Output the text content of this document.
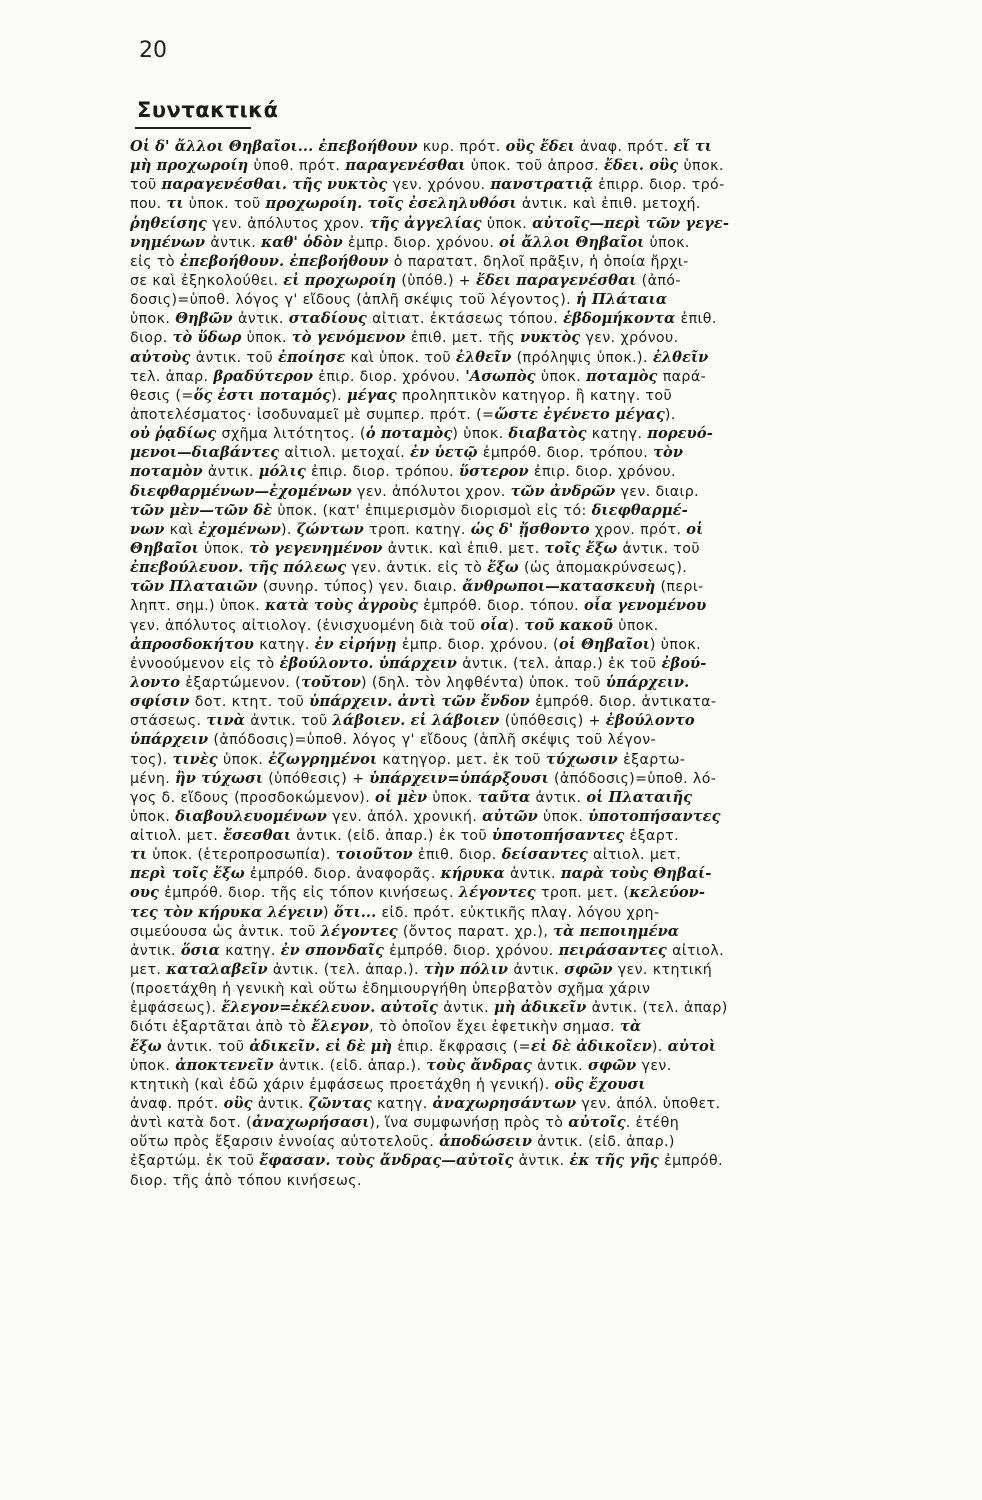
20
Συντακτικά
Οἱ δ' ἄλλοι Θηβαῖοι... ἐπεβοήθουν κυρ. πρότ. οὓς ἔδει ἀναφ. πρότ. εἴ τι
μὴ προχωροίη ὑποθ. πρότ. παραγενέσθαι ὑποκ. τοῦ ἀπροσ. ἔδει. οὓς ὑποκ.
τοῦ παραγενέσθαι. τῆς νυκτὸς γεν. χρόνου. πανστρατιᾷ ἐπιρρ. διορ. τρό-
που. τι ὑποκ. τοῦ προχωροίη. τοῖς ἐσεληλυθόσι ἀντικ. καὶ ἐπιθ. μετοχή.
ῥηθείσης γεν. ἀπόλυτος χρον. τῆς ἀγγελίας ὑποκ. αὐτοῖς—περὶ τῶν γεγε-
νημένων ἀντικ. καθ' ὁδὸν ἐμπρ. διορ. χρόνου. οἱ ἄλλοι Θηβαῖοι ὑποκ.
εἰς τὸ ἐπεβοήθουν. ἐπεβοήθουν ὁ παρατατ. δηλοῖ πρᾶξιν, ἡ ὁποία ἤρχι-
σε καὶ ἐξηκολούθει. εἰ προχωροίη (ὑπόθ.) + ἔδει παραγενέσθαι (ἀπό-
δοσις)=ὑποθ. λόγος γ' εἴδους (ἁπλῆ σκέψις τοῦ λέγοντος). ἡ Πλάταια
ὑποκ. Θηβῶν ἀντικ. σταδίους αἰτιατ. ἐκτάσεως τόπου. ἑβδομήκοντα ἐπιθ.
διορ. τὸ ὕδωρ ὑποκ. τὸ γενόμενον ἐπιθ. μετ. τῆς νυκτὸς γεν. χρόνου.
αὐτοὺς ἀντικ. τοῦ ἐποίησε καὶ ὑποκ. τοῦ ἐλθεῖν (πρόληψις ὑποκ.). ἐλθεῖν
τελ. ἀπαρ. βραδύτερον ἐπιρ. διορ. χρόνου. 'Ασωπὸς ὑποκ. ποταμὸς παρά-
θεσις (=ὅς ἐστι ποταμός). μέγας προληπτικὸν κατηγορ. ἢ κατηγ. τοῦ
ἀποτελέσματος· ἰσοδυναμεῖ μὲ συμπερ. πρότ. (=ὥστε ἐγένετο μέγας).
οὐ ῥᾳδίως σχῆμα λιτότητος. (ὁ ποταμὸς) ὑποκ. διαβατὸς κατηγ. πορευό-
μενοι—διαβάντες αἰτιολ. μετοχαί. ἐν ὑετῷ ἐμπρόθ. διορ. τρόπου. τὸν
ποταμὸν ἀντικ. μόλις ἐπιρ. διορ. τρόπου. ὕστερον ἐπιρ. διορ. χρόνου.
διεφθαρμένων—ἐχομένων γεν. ἀπόλυτοι χρον. τῶν ἀνδρῶν γεν. διαιρ.
τῶν μὲν—τῶν δὲ ὑποκ. (κατ' ἐπιμερισμὸν διορισμοὶ εἰς τό: διεφθαρμέ-
νων καὶ ἐχομένων). ζώντων τροπ. κατηγ. ὡς δ' ᾔσθοντο χρον. πρότ. οἱ
Θηβαῖοι ὑποκ. τὸ γεγενημένον ἀντικ. καὶ ἐπιθ. μετ. τοῖς ἔξω ἀντικ. τοῦ
ἐπεβούλευον. τῆς πόλεως γεν. ἀντικ. εἰς τὸ ἔξω (ὡς ἀπομακρύνσεως).
τῶν Πλαταιῶν (συνηρ. τύπος) γεν. διαιρ. ἄνθρωποι—κατασκευὴ (περι-
ληπτ. σημ.) ὑποκ. κατὰ τοὺς ἀγροὺς ἐμπρόθ. διορ. τόπου. οἷα γενομένου
γεν. ἀπόλυτος αἰτιολογ. (ἐνισχυομένη διὰ τοῦ οἷα). τοῦ κακοῦ ὑποκ.
ἀπροσδοκήτου κατηγ. ἐν εἰρήνῃ ἐμπρ. διορ. χρόνου. (οἱ Θηβαῖοι) ὑποκ.
ἐννοούμενον εἰς τὸ ἐβούλοντο. ὑπάρχειν ἀντικ. (τελ. ἀπαρ.) ἐκ τοῦ ἐβού-
λοντο ἐξαρτώμενον. (τοῦτον) (δηλ. τὸν ληφθέντα) ὑποκ. τοῦ ὑπάρχειν.
σφίσιν δοτ. κτητ. τοῦ ὑπάρχειν. ἀντὶ τῶν ἔνδον ἐμπρόθ. διορ. ἀντικατα-
στάσεως. τινὰ ἀντικ. τοῦ λάβοιεν. εἰ λάβοιεν (ὑπόθεσις) + ἐβούλοντο
ὑπάρχειν (ἀπόδοσις)=ὑποθ. λόγος γ' εἴδους (ἁπλῆ σκέψις τοῦ λέγον-
τος). τινὲς ὑποκ. ἐζωγρημένοι κατηγορ. μετ. ἐκ τοῦ τύχωσιν ἐξαρτω-
μένη. ἢν τύχωσι (ὑπόθεσις) + ὑπάρχειν=ὑπάρξουσι (ἀπόδοσις)=ὑποθ. λό-
γος δ. εἴδους (προσδοκώμενον). οἱ μὲν ὑποκ. ταῦτα ἀντικ. οἱ Πλαταιῆς
ὑποκ. διαβουλευομένων γεν. ἀπόλ. χρονική. αὐτῶν ὑποκ. ὑποτοπήσαντες
αἰτιολ. μετ. ἔσεσθαι ἀντικ. (εἰδ. ἀπαρ.) ἐκ τοῦ ὑποτοπήσαντες ἐξαρτ.
τι ὑποκ. (ἑτεροπροσωπία). τοιοῦτον ἐπιθ. διορ. δείσαντες αἰτιολ. μετ.
περὶ τοῖς ἔξω ἐμπρόθ. διορ. ἀναφορᾶς. κήρυκα ἀντικ. παρὰ τοὺς Θηβαί-
ους ἐμπρόθ. διορ. τῆς εἰς τόπον κινήσεως. λέγοντες τροπ. μετ. (κελεύον-
τες τὸν κήρυκα λέγειν) ὅτι... εἰδ. πρότ. εὐκτικῆς πλαγ. λόγου χρη-
σιμεύουσα ὡς ἀντικ. τοῦ λέγοντες (ὄντος παρατ. χρ.), τὰ πεποιημένα
ἀντικ. ὅσια κατηγ. ἐν σπονδαῖς ἐμπρόθ. διορ. χρόνου. πειράσαντες αἰτιολ.
μετ. καταλαβεῖν ἀντικ. (τελ. ἀπαρ.). τὴν πόλιν ἀντικ. σφῶν γεν. κτητική
(προετάχθη ἡ γενικὴ καὶ οὕτω ἐδημιουργήθη ὑπερβατὸν σχῆμα χάριν
ἐμφάσεως). ἔλεγον=ἐκέλευον. αὐτοῖς ἀντικ. μὴ ἀδικεῖν ἀντικ. (τελ. ἀπαρ)
διότι ἐξαρτᾶται ἀπὸ τὸ ἔλεγον, τὸ ὁποῖον ἔχει ἐφετικὴν σημασ. τὰ
ἔξω ἀντικ. τοῦ ἀδικεῖν. εἰ δὲ μὴ ἐπιρ. ἔκφρασις (=εἰ δὲ ἀδικοῖεν). αὐτοὶ
ὑποκ. ἀποκτενεῖν ἀντικ. (εἰδ. ἀπαρ.). τοὺς ἄνδρας ἀντικ. σφῶν γεν.
κτητικὴ (καὶ ἐδῶ χάριν ἐμφάσεως προετάχθη ἡ γενική). οὓς ἔχουσι
ἀναφ. πρότ. οὓς ἀντικ. ζῶντας κατηγ. ἀναχωρησάντων γεν. ἀπόλ. ὑποθετ.
ἀντὶ κατὰ δοτ. (ἀναχωρήσασι), ἵνα συμφωνήσῃ πρὸς τὸ αὐτοῖς. ἐτέθη
οὕτω πρὸς ἔξαρσιν ἐννοίας αὐτοτελοῦς. ἀποδώσειν ἀντικ. (εἰδ. ἀπαρ.)
ἐξαρτώμ. ἐκ τοῦ ἔφασαν. τοὺς ἄνδρας—αὐτοῖς ἀντικ. ἐκ τῆς γῆς ἐμπρόθ.
διορ. τῆς ἀπὸ τόπου κινήσεως.
